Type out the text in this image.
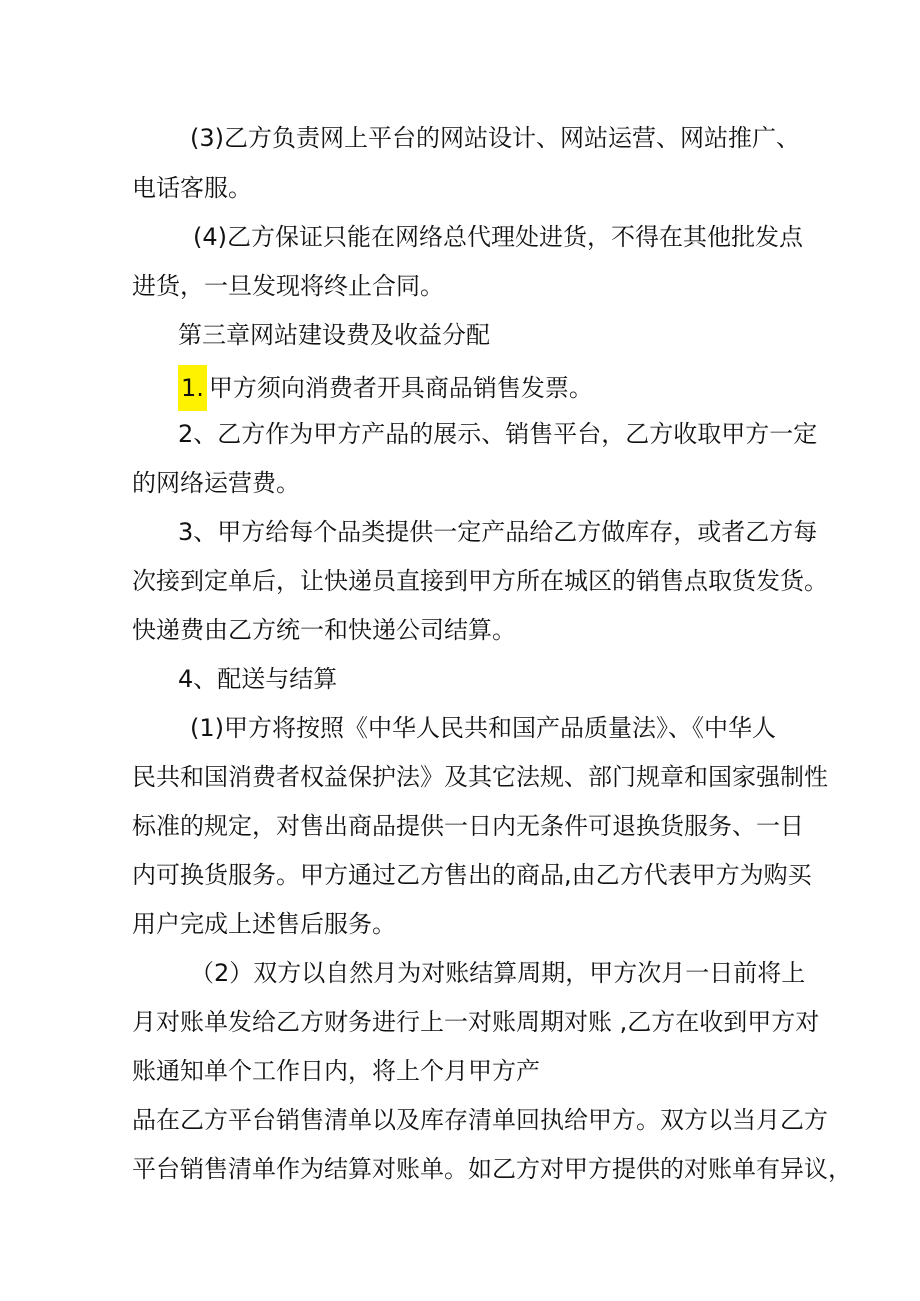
(3)乙方负责网上平台的网站设计、网站运营、网站推广、
电话客服。
(4)乙方保证只能在网络总代理处进货，不得在其他批发点
进货，一旦发现将终止合同。
第三章网站建设费及收益分配
1. 甲方须向消费者开具商品销售发票。
2、乙方作为甲方产品的展示、销售平台，乙方收取甲方一定
的网络运营费。
3、甲方给每个品类提供一定产品给乙方做库存，或者乙方每
次接到定单后，让快递员直接到甲方所在城区的销售点取货发货。
快递费由乙方统一和快递公司结算。
4、配送与结算
(1)甲方将按照《中华人民共和国产品质量法》、《中华人
民共和国消费者权益保护法》及其它法规、部门规章和国家强制性
标准的规定，对售出商品提供一日内无条件可退换货服务、一日
内可换货服务。甲方通过乙方售出的商品,由乙方代表甲方为购买
用户完成上述售后服务。
（2）双方以自然月为对账结算周期，甲方次月一日前将上
月对账单发给乙方财务进行上一对账周期对账 ,乙方在收到甲方对
账通知单个工作日内，将上个月甲方产
品在乙方平台销售清单以及库存清单回执给甲方。双方以当月乙方
平台销售清单作为结算对账单。如乙方对甲方提供的对账单有异议，
